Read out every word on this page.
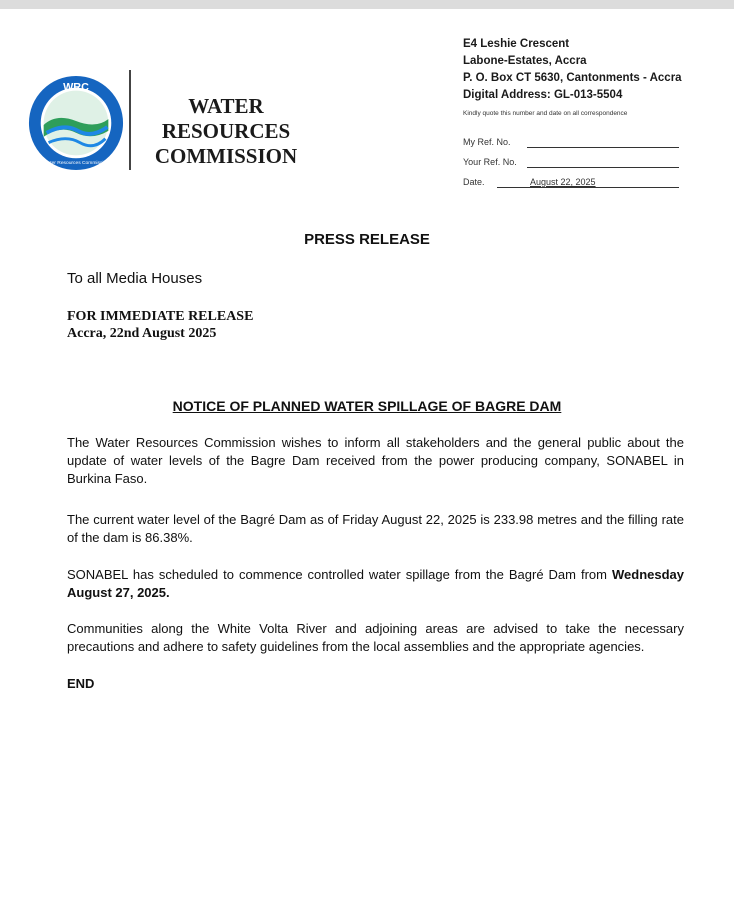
WRC
Water Resources Commission
WATER
RESOURCES
COMMISSION
E4 Leshie Crescent
Labone-Estates, Accra
P. O. Box CT 5630, Cantonments - Accra
Digital Address: GL-013-5504
Kindly quote this number and date on all correspondence
My Ref. No.
Your Ref. No.
Date.	August 22, 2025
PRESS RELEASE
To all Media Houses
FOR IMMEDIATE RELEASE
Accra, 22nd August 2025
NOTICE OF PLANNED WATER SPILLAGE OF BAGRE DAM
The Water Resources Commission wishes to inform all stakeholders and the general public about the update of water levels of the Bagre Dam received from the power producing company, SONABEL in Burkina Faso.
The current water level of the Bagré Dam as of Friday August 22, 2025 is 233.98 metres and the filling rate of the dam is 86.38%.
SONABEL has scheduled to commence controlled water spillage from the Bagré Dam from Wednesday August 27, 2025.
Communities along the White Volta River and adjoining areas are advised to take the necessary precautions and adhere to safety guidelines from the local assemblies and the appropriate agencies.
END
